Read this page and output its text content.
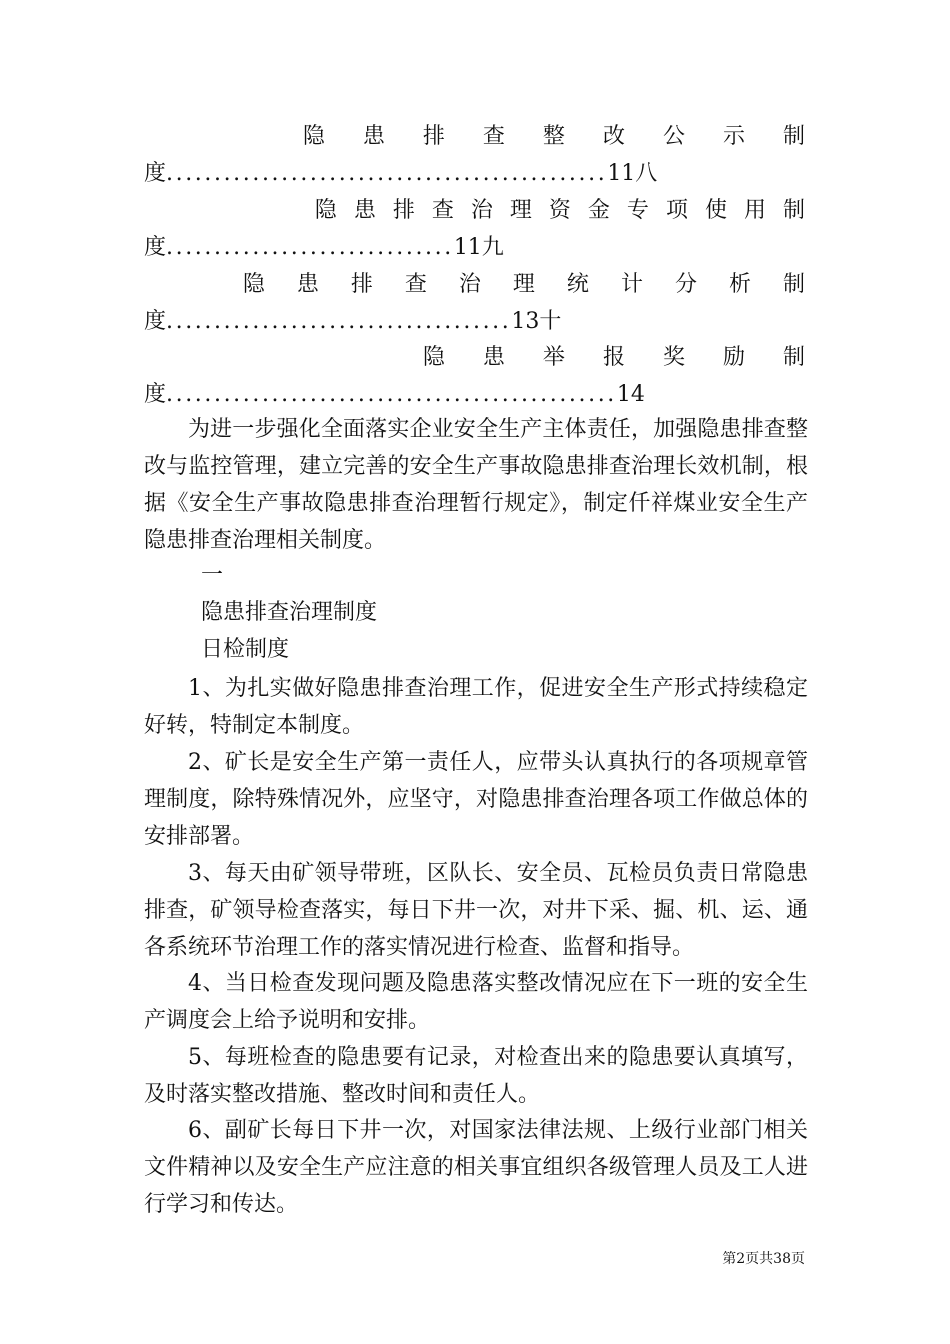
隐 患 排 查 整 改 公 示 制
度..............................................11八
隐 患 排 查 治 理 资 金 专 项 使 用 制
度..............................11九
隐 患 排 查 治 理 统 计 分 析 制
度....................................13十
隐 患 举 报 奖 励 制
度...............................................14

为进一步强化全面落实企业安全生产主体责任，加强隐患排查整改与监控管理，建立完善的安全生产事故隐患排查治理长效机制，根据《安全生产事故隐患排查治理暂行规定》，制定仟祥煤业安全生产隐患排查治理相关制度。

一
隐患排查治理制度
日检制度

1、为扎实做好隐患排查治理工作，促进安全生产形式持续稳定好转，特制定本制度。

2、矿长是安全生产第一责任人，应带头认真执行的各项规章管理制度，除特殊情况外，应坚守，对隐患排查治理各项工作做总体的安排部署。

3、每天由矿领导带班，区队长、安全员、瓦检员负责日常隐患排查，矿领导检查落实，每日下井一次，对井下采、掘、机、运、通各系统环节治理工作的落实情况进行检查、监督和指导。

4、当日检查发现问题及隐患落实整改情况应在下一班的安全生产调度会上给予说明和安排。

5、每班检查的隐患要有记录，对检查出来的隐患要认真填写，及时落实整改措施、整改时间和责任人。

6、副矿长每日下井一次，对国家法律法规、上级行业部门相关文件精神以及安全生产应注意的相关事宜组织各级管理人员及工人进行学习和传达。

第2页共38页
